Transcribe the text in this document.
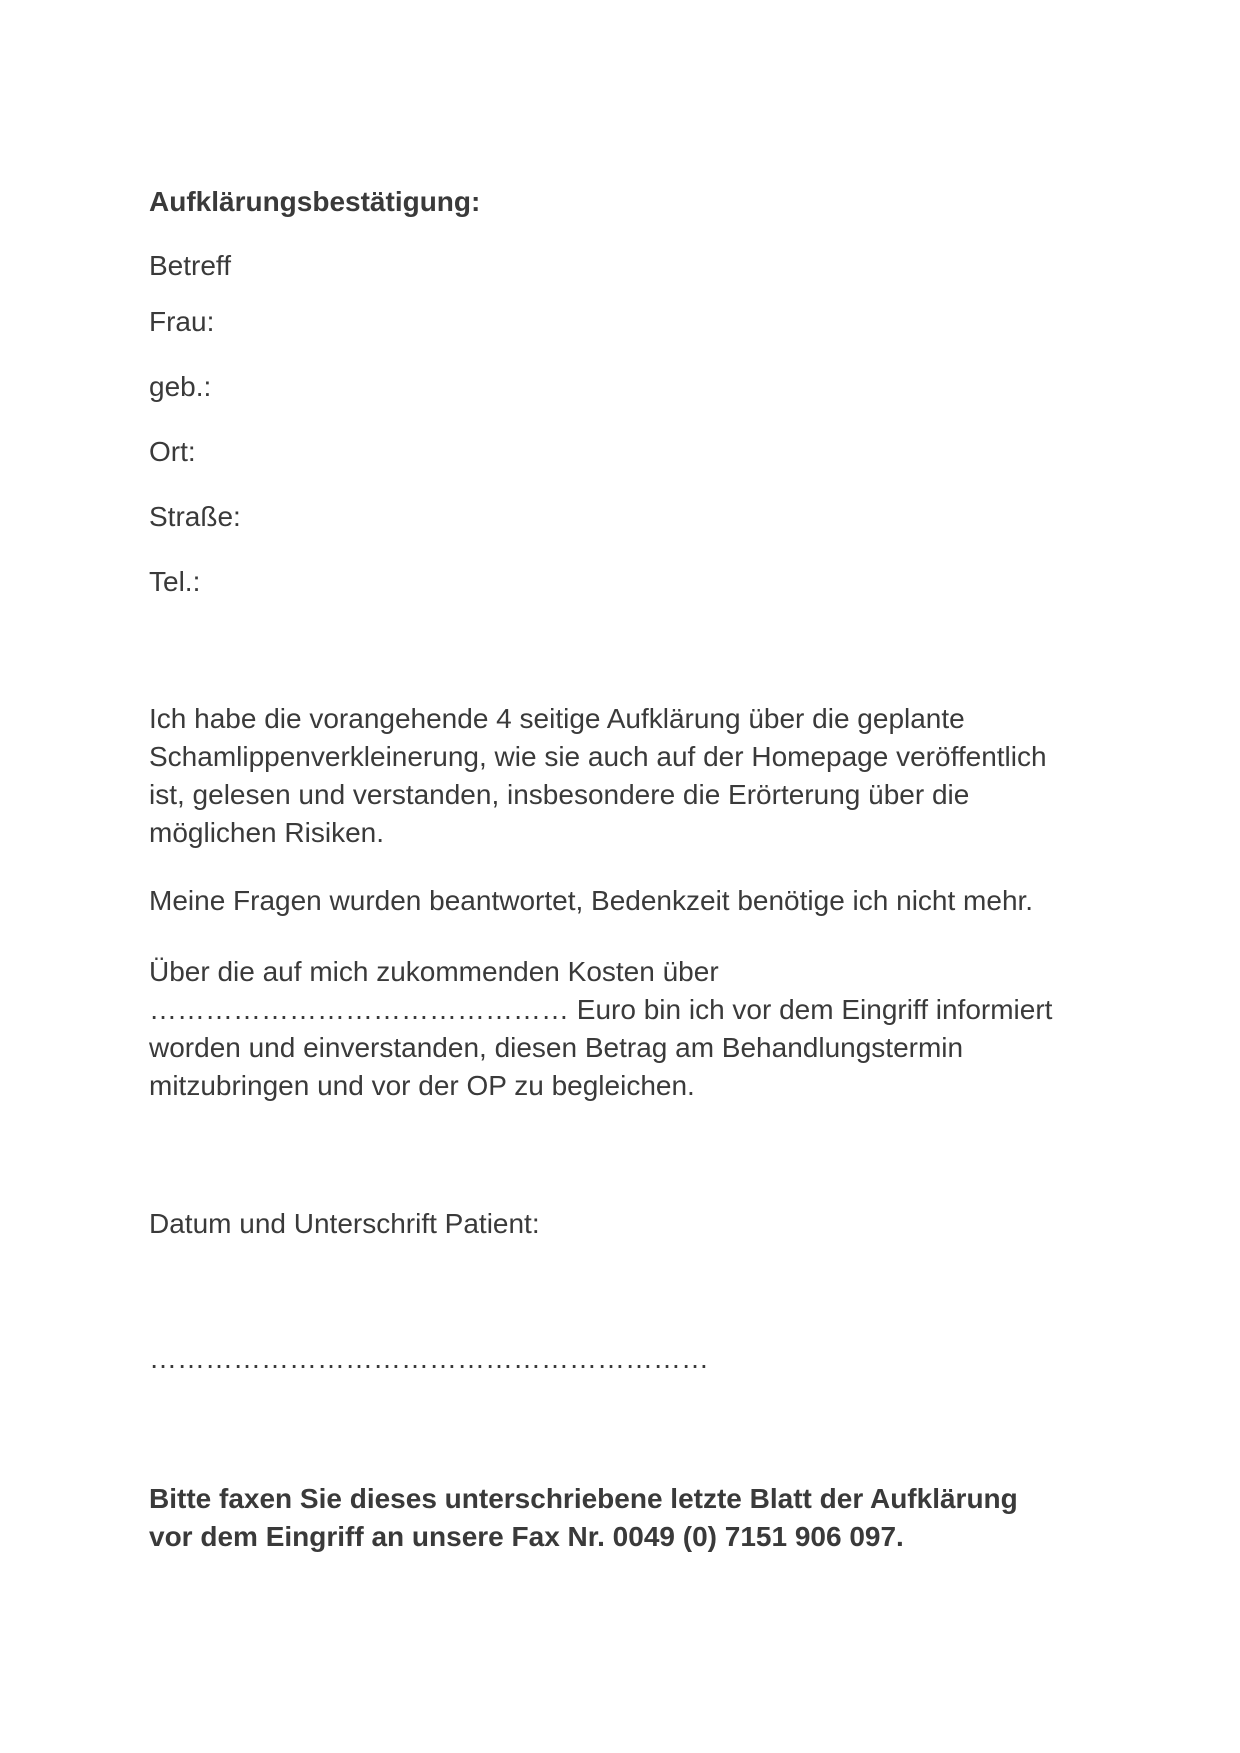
Aufklärungsbestätigung:

Betreff

Frau:

geb.:

Ort:

Straße:

Tel.:

Ich habe die vorangehende 4 seitige Aufklärung über die geplante
Schamlippenverkleinerung, wie sie auch auf der Homepage veröffentlich
ist, gelesen und verstanden, insbesondere die Erörterung über die
möglichen Risiken.

Meine Fragen wurden beantwortet, Bedenkzeit benötige ich nicht mehr.

Über die auf mich zukommenden Kosten über
……………………………………… Euro bin ich vor dem Eingriff informiert
worden und einverstanden, diesen Betrag am Behandlungstermin
mitzubringen und vor der OP zu begleichen.

Datum und Unterschrift Patient:

……………………………………………………

Bitte faxen Sie dieses unterschriebene letzte Blatt der Aufklärung
vor dem Eingriff an unsere Fax Nr. 0049 (0) 7151 906 097.
